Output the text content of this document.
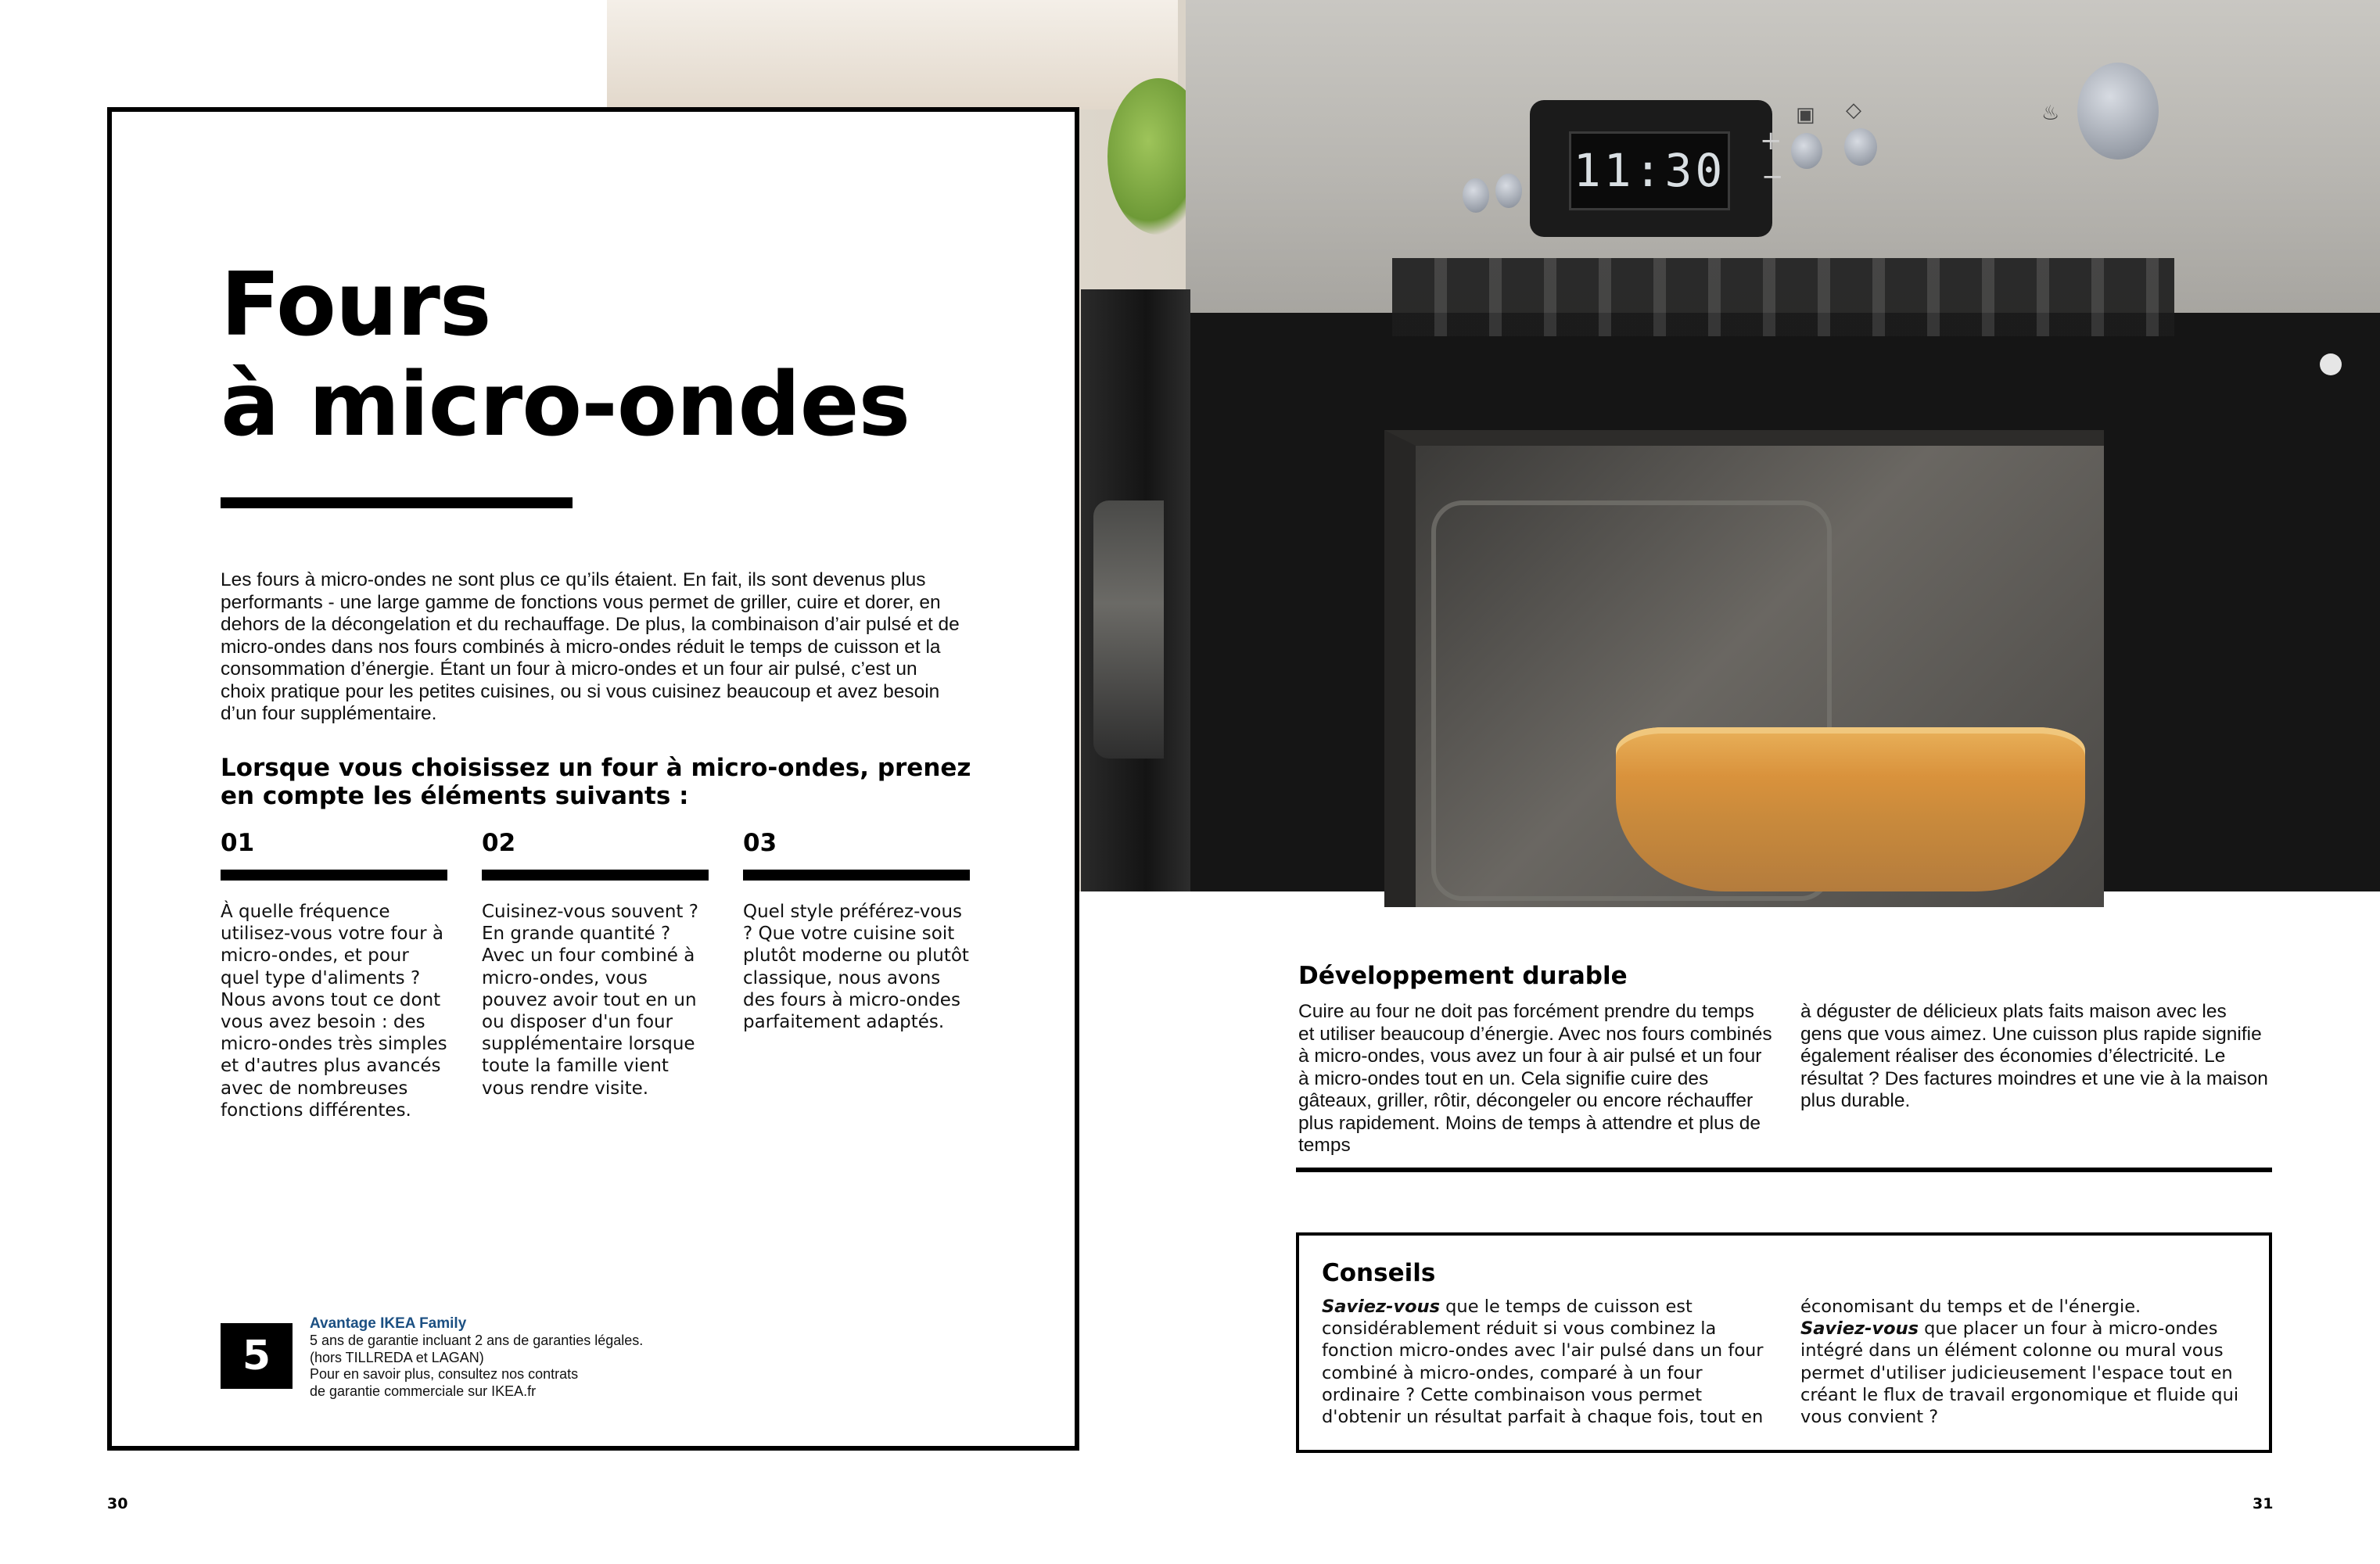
11:30
+
−
♨
◇
▣
Fours
à micro-ondes

Les fours à micro-ondes ne sont plus ce qu’ils étaient. En fait, ils sont devenus plus performants - une large gamme de fonctions vous permet de griller, cuire et dorer, en dehors de la décongelation et du rechauffage. De plus, la combinaison d’air pulsé et de micro-ondes dans nos fours combinés à micro-ondes réduit le temps de cuisson et la consommation d’énergie. Étant un four à micro-ondes et un four air pulsé, c’est un choix pratique pour les petites cuisines, ou si vous cuisinez beaucoup et avez besoin d’un four supplémentaire.

Lorsque vous choisissez un four à micro-ondes, prenez en compte les éléments suivants :

01

À quelle fréquence utilisez-vous votre four à micro-ondes, et pour quel type d'aliments ? Nous avons tout ce dont vous avez besoin : des micro-ondes très simples et d'autres plus avancés avec de nombreuses fonctions différentes.

02

Cuisinez-vous souvent ? En grande quantité ? Avec un four combiné à micro-ondes, vous pouvez avoir tout en un ou disposer d'un four supplémentaire lorsque toute la famille vient vous rendre visite.

03

Quel style préférez-vous ? Que votre cuisine soit plutôt moderne ou plutôt classique, nous avons des fours à micro-ondes parfaitement adaptés.

5

Avantage IKEA Family

5 ans de garantie incluant 2 ans de garanties légales.

(hors TILLREDA et LAGAN)

Pour en savoir plus, consultez nos contrats

de garantie commerciale sur IKEA.fr

Développement durable

Cuire au four ne doit pas forcément prendre du temps et utiliser beaucoup d’énergie. Avec nos fours combinés à micro-ondes, vous avez un four à air pulsé et un four à micro-ondes tout en un. Cela signifie cuire des gâteaux, griller, rôtir, décongeler ou encore réchauffer plus rapidement. Moins de temps à attendre et plus de temps

à déguster de délicieux plats faits maison avec les gens que vous aimez. Une cuisson plus rapide signifie également réaliser des économies d’électricité. Le résultat ? Des factures moindres et une vie à la maison plus durable.

Conseils

Saviez-vous que le temps de cuisson est considérablement réduit si vous combinez la fonction micro-ondes avec l'air pulsé dans un four combiné à micro-ondes, comparé à un four ordinaire ? Cette combinaison vous permet d'obtenir un résultat parfait à chaque fois, tout en

économisant du temps et de l'énergie.
Saviez-vous que placer un four à micro-ondes intégré dans un élément colonne ou mural vous permet d'utiliser judicieusement l'espace tout en créant le flux de travail ergonomique et fluide qui vous convient ?

30	31
